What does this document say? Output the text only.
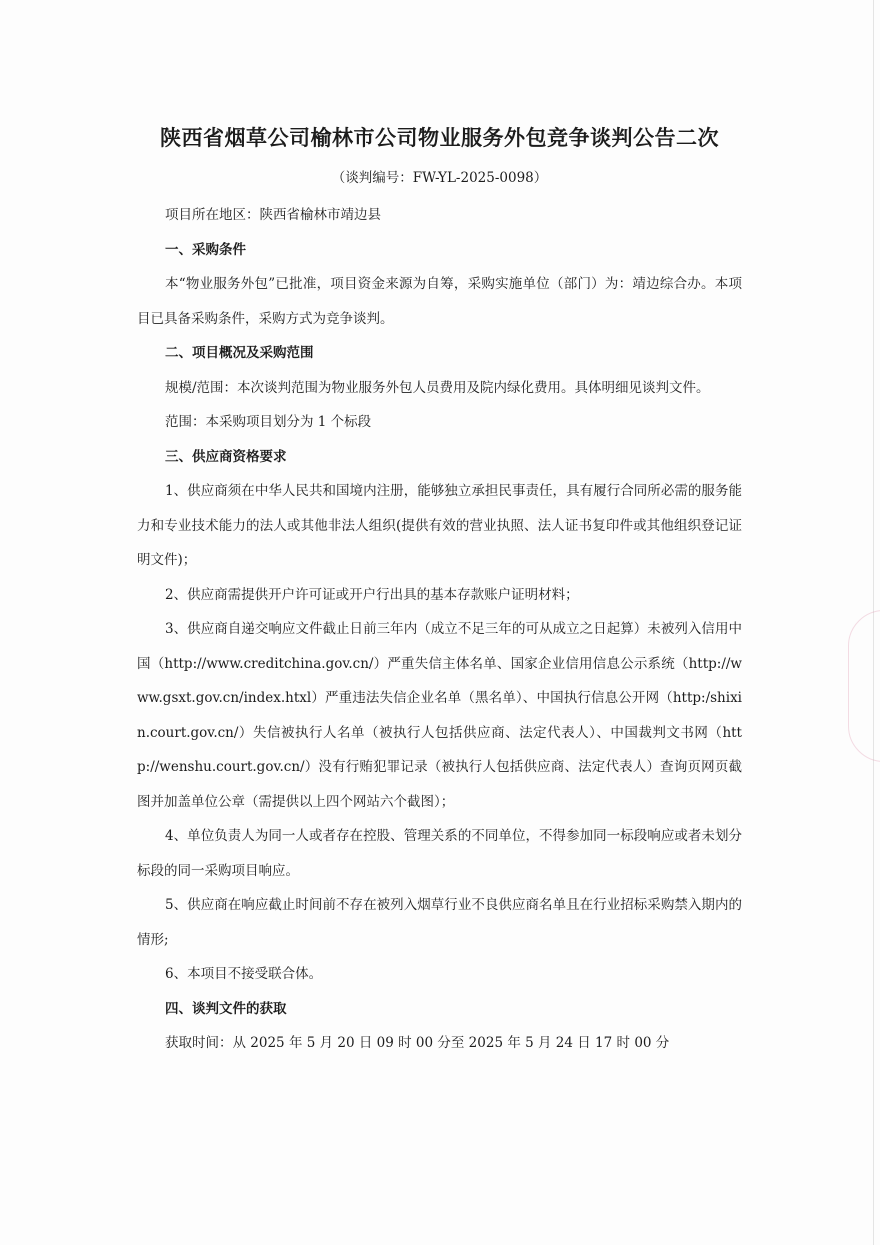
陕西省烟草公司榆林市公司物业服务外包竞争谈判公告二次
（谈判编号：FW-YL-2025-0098）

项目所在地区：陕西省榆林市靖边县

一、采购条件

本“物业服务外包”已批准，项目资金来源为自筹，采购实施单位（部门）为：靖边综合办。本项目已具备采购条件，采购方式为竞争谈判。

二、项目概况及采购范围

规模/范围：本次谈判范围为物业服务外包人员费用及院内绿化费用。具体明细见谈判文件。

范围：本采购项目划分为 1 个标段

三、供应商资格要求

1、供应商须在中华人民共和国境内注册，能够独立承担民事责任，具有履行合同所必需的服务能力和专业技术能力的法人或其他非法人组织(提供有效的营业执照、法人证书复印件或其他组织登记证明文件)；

2、供应商需提供开户许可证或开户行出具的基本存款账户证明材料；

3、供应商自递交响应文件截止日前三年内（成立不足三年的可从成立之日起算）未被列入信用中国（http://www.creditchina.gov.cn/）严重失信主体名单、国家企业信用信息公示系统（http://www.gsxt.gov.cn/index.htxl）严重违法失信企业名单（黑名单）、中国执行信息公开网（http:/shixin.court.gov.cn/）失信被执行人名单（被执行人包括供应商、法定代表人）、中国裁判文书网（http://wenshu.court.gov.cn/）没有行贿犯罪记录（被执行人包括供应商、法定代表人）查询页网页截图并加盖单位公章（需提供以上四个网站六个截图）；

4、单位负责人为同一人或者存在控股、管理关系的不同单位，不得参加同一标段响应或者未划分标段的同一采购项目响应。

5、供应商在响应截止时间前不存在被列入烟草行业不良供应商名单且在行业招标采购禁入期内的情形;

6、本项目不接受联合体。

四、谈判文件的获取

获取时间：从 2025 年 5 月 20 日 09 时 00 分至 2025 年 5 月 24 日 17 时 00 分
